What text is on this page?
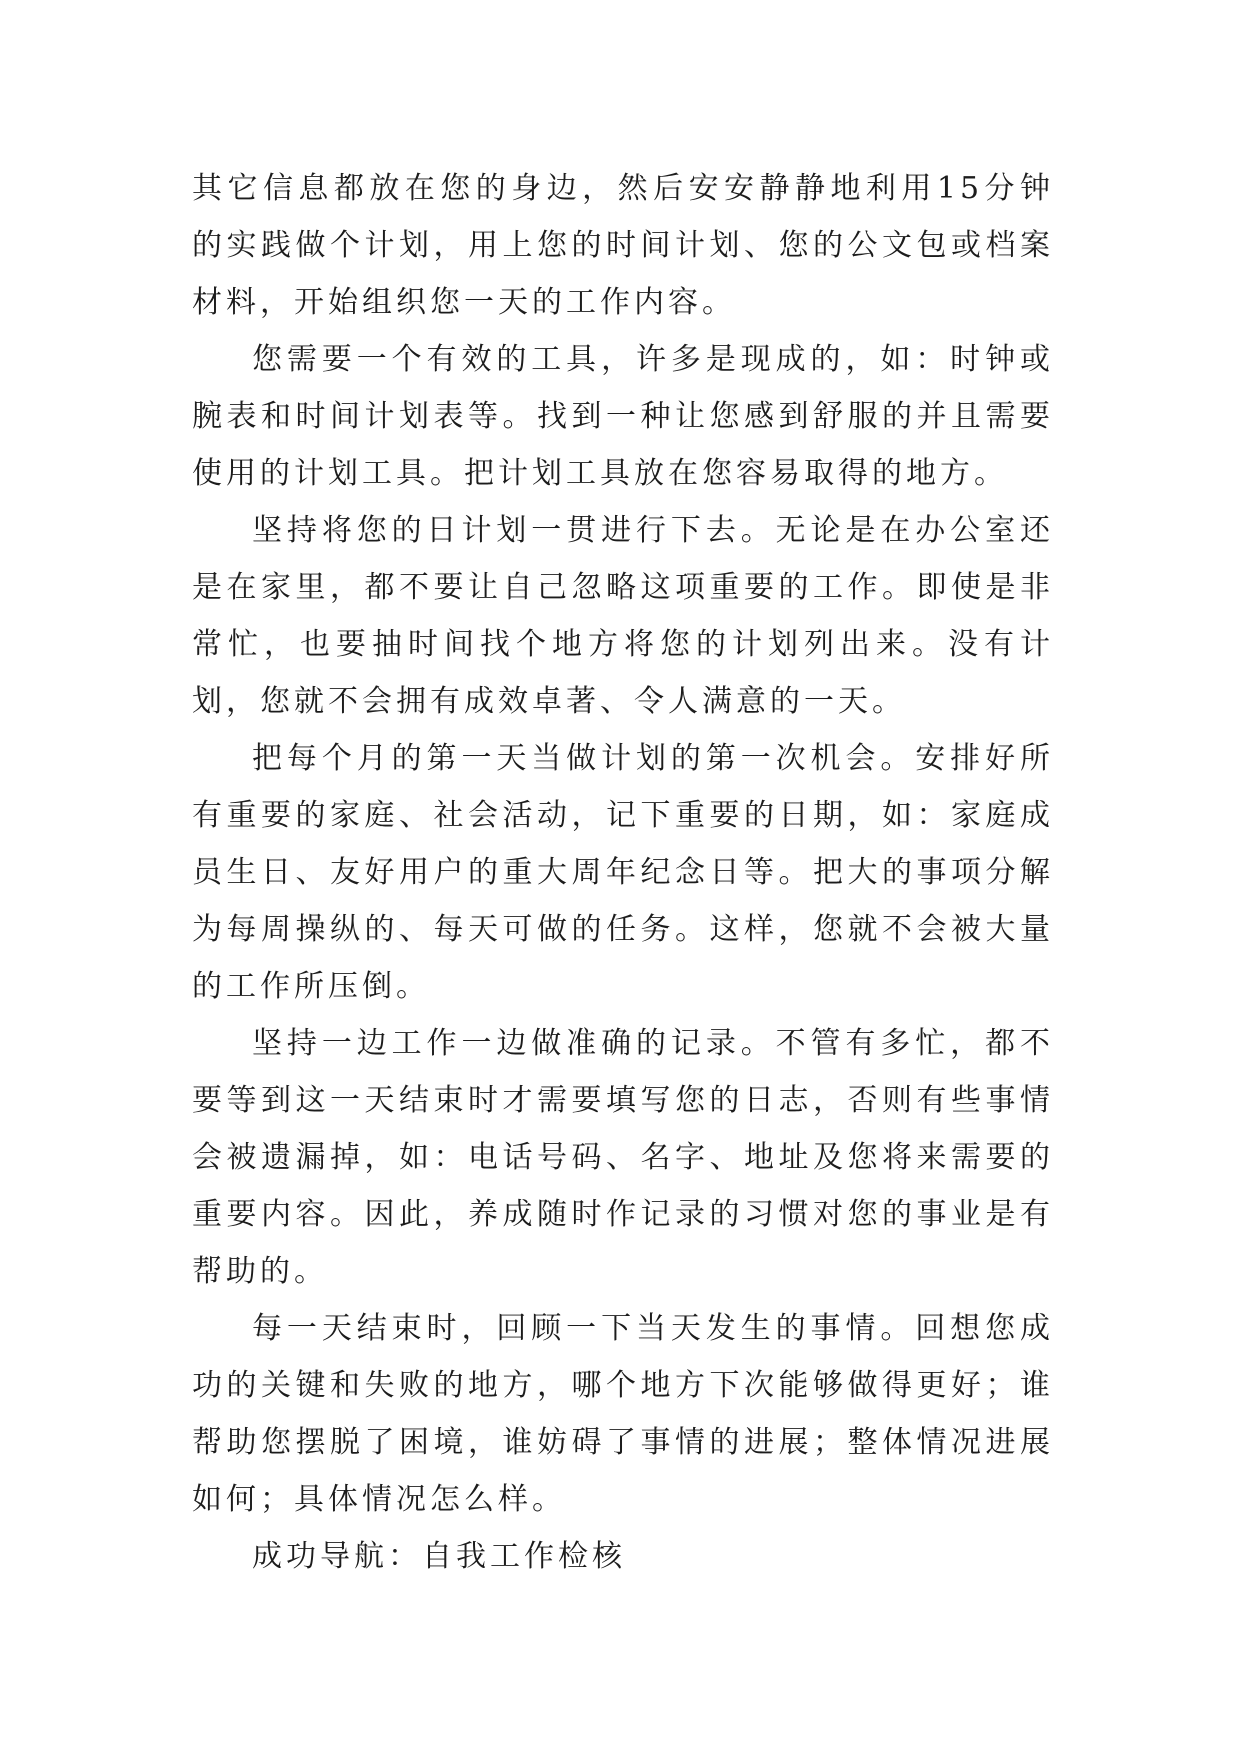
其它信息都放在您的身边，然后安安静静地利用15分钟的实践做个计划，用上您的时间计划、您的公文包或档案材料，开始组织您一天的工作内容。

您需要一个有效的工具，许多是现成的，如：时钟或腕表和时间计划表等。找到一种让您感到舒服的并且需要使用的计划工具。把计划工具放在您容易取得的地方。

坚持将您的日计划一贯进行下去。无论是在办公室还是在家里，都不要让自己忽略这项重要的工作。即使是非常忙，也要抽时间找个地方将您的计划列出来。没有计划，您就不会拥有成效卓著、令人满意的一天。

把每个月的第一天当做计划的第一次机会。安排好所有重要的家庭、社会活动，记下重要的日期，如：家庭成员生日、友好用户的重大周年纪念日等。把大的事项分解为每周操纵的、每天可做的任务。这样，您就不会被大量的工作所压倒。

坚持一边工作一边做准确的记录。不管有多忙，都不要等到这一天结束时才需要填写您的日志，否则有些事情会被遗漏掉，如：电话号码、名字、地址及您将来需要的重要内容。因此，养成随时作记录的习惯对您的事业是有帮助的。

每一天结束时，回顾一下当天发生的事情。回想您成功的关键和失败的地方，哪个地方下次能够做得更好；谁帮助您摆脱了困境，谁妨碍了事情的进展；整体情况进展如何；具体情况怎么样。

成功导航：自我工作检核
